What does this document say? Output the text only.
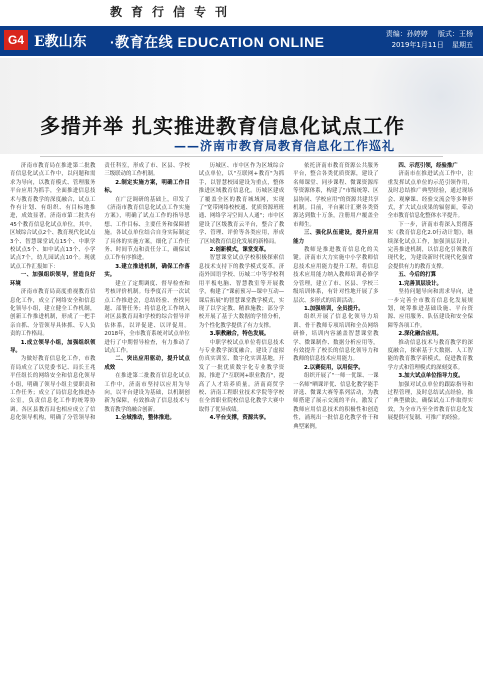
教育行信专刊
G4 E教山东 ·教育在线 EDUCATION ONLINE	责编：孙婷婷 版式：王杨
2019年1月11日 星期五
多措并举 扎实推进教育信息化试点工作
——济南市教育局教育信息化工作巡礼

济南市教育局在推进第二批教育信息化试点工作中，以问题和需求为导向，以教育模式、管理服务平台应用为抓手，全面推进信息技术与教育教学的深度融合，试点工作有计划、有组织、有目标地推进，成效显著。济南市第二批共有45个教育信息化试点单位，其中，区域综合试点2个、教育现代化试点3个、智慧课堂试点15个、中职学校试点5个、如中试点13个、小学试点7个，幼儿园试点10个。现就试点工作汇报如下：

一、加强组织领导，营造良好环境

济南市教育局高度重视教育信息化工作，成立了网络安全和信息化领导小组，建立健全工作机制，创新工作推进机制，形成了一把手亲自抓、分管领导具体抓、专人负责的工作格局。

1.成立领导小组，加强组织领导。

为做好教育信息化工作，市教育局成立了以党委书记、局长王兆平任组长的网络安全和信息化领导小组，明确了领导小组主要职责和工作任务；成立了局信息化推进办公室，负责信息化工作的统筹协调。各区县教育局也相应成立了信息化领导机构，明确了分管领导和责任科室，形成了市、区县、学校三级联动的工作机制。

2.制定实施方案，明确工作目标。

在广泛调研的基础上，印发了《济南市教育信息化试点工作实施方案》，明确了试点工作的指导思想、工作目标、主要任务和保障措施。各试点单位结合自身实际制定了具体的实施方案，细化了工作任务、时间节点和责任分工，确保试点工作有序推进。

3.建立推进机制，确保工作落实。

建立了定期调度、督导检查和考核评价机制。每季度召开一次试点工作推进会，总结经验、查找问题、部署任务；将信息化工作纳入对区县教育局和学校的综合督导评估体系，以评促建、以评促用。2018年，全市教育系统对试点单位进行了中期督导检查，有力推动了试点工作。

二、突出应用驱动，提升试点成效

在推进第二批教育信息化试点工作中，济南市坚持以应用为导向，以平台建设为基础，以机制创新为保障，有效推动了信息技术与教育教学的融合创新。

1.全域推动，整体推进。

历城区、市中区作为区域综合试点单位，以"互联网+教育"为抓手，以智慧校园建设为重点，整体推进区域教育信息化。历城区建成了覆盖全区的教育城域网，实现了"宽带网络校校通、优质资源班班通、网络学习空间人人通"；市中区建设了区级教育云平台，整合了教学、管理、评价等各类应用，形成了区域教育信息化发展的新格局。

2.创新模式，课堂变革。

智慧课堂试点学校积极探索信息技术支持下的教学模式变革。济南外国语学校、历城二中等学校利用平板电脑、智慧教室等开展教学，构建了"课前预习—课中互动—课后拓展"的智慧课堂教学模式，实现了以学定教、精准施教；部分学校开展了基于大数据的学情分析，为个性化教学提供了有力支撑。

3.职教融合，特色发展。

中职学校试点单位将信息技术与专业教学深度融合，建设了虚拟仿真实训室、数字化实训基地，开发了一批优质数字化专业教学资源，推进了"互联网+职业教育"，提高了人才培养质量。济南商贸学校、济南工程职业技术学院等学校在全省职业院校信息化教学大赛中取得了优异成绩。

4.平台支撑，资源共享。

依托济南市教育资源公共服务平台，整合各类优质资源，建设了名师课堂、同步课程、微课资源库等资源体系，构建了"市级统筹、区县协同、学校应用"的资源共建共享机制。目前，平台累计汇聚各类资源达到数十万条，注册用户覆盖全市师生。

三、强化队伍建设，提升应用能力

教师是推进教育信息化的关键。济南市大力实施中小学教师信息技术应用能力提升工程，将信息技术应用能力纳入教师培训必修学分管理，建立了市、区县、学校三级培训体系，有针对性地开展了多层次、多形式的培训活动。

1.加强培训，全员提升。

组织开展了信息化领导力培训、骨干教师专项培训和全员网络研修，培训内容涵盖智慧课堂教学、微课制作、数据分析应用等，有效提升了校长的信息化领导力和教师的信息技术应用能力。

2.以赛促用，以用促学。

组织开展了"一师一优课、一课一名师"晒课评优、信息化教学能手评选、微课大赛等系列活动，为教师搭建了展示交流的平台，激发了教师应用信息技术的积极性和创造性，涌现出一批信息化教学骨干和典型案例。

四、示范引领，经验推广

济南市在推进试点工作中，注重发挥试点单位的示范引领作用，及时总结推广典型经验，通过现场会、观摩课、经验交流会等多种形式，扩大试点成果的辐射面，带动全市教育信息化整体水平提升。

下一步，济南市将深入贯彻落实《教育信息化2.0行动计划》，继续深化试点工作，加强顶层设计，完善推进机制，以信息化引领教育现代化，为建设新时代现代化强省会提供有力的教育支撑。

五、今后的打算

1.完善顶层设计。

坚持问题导向和需求导向，进一步完善全市教育信息化发展规划，统筹推进基础设施、平台资源、应用服务、队伍建设和安全保障等各项工作。

2.深化融合应用。

推动信息技术与教育教学的深度融合，探索基于大数据、人工智能的教育教学新模式，促进教育教学方式和管理模式的深刻变革。

3.加大试点单位指导力度。

加强对试点单位的跟踪指导和过程管理，及时总结试点经验，推广典型做法，确保试点工作取得实效，为全市乃至全省教育信息化发展提供可复制、可推广的经验。
